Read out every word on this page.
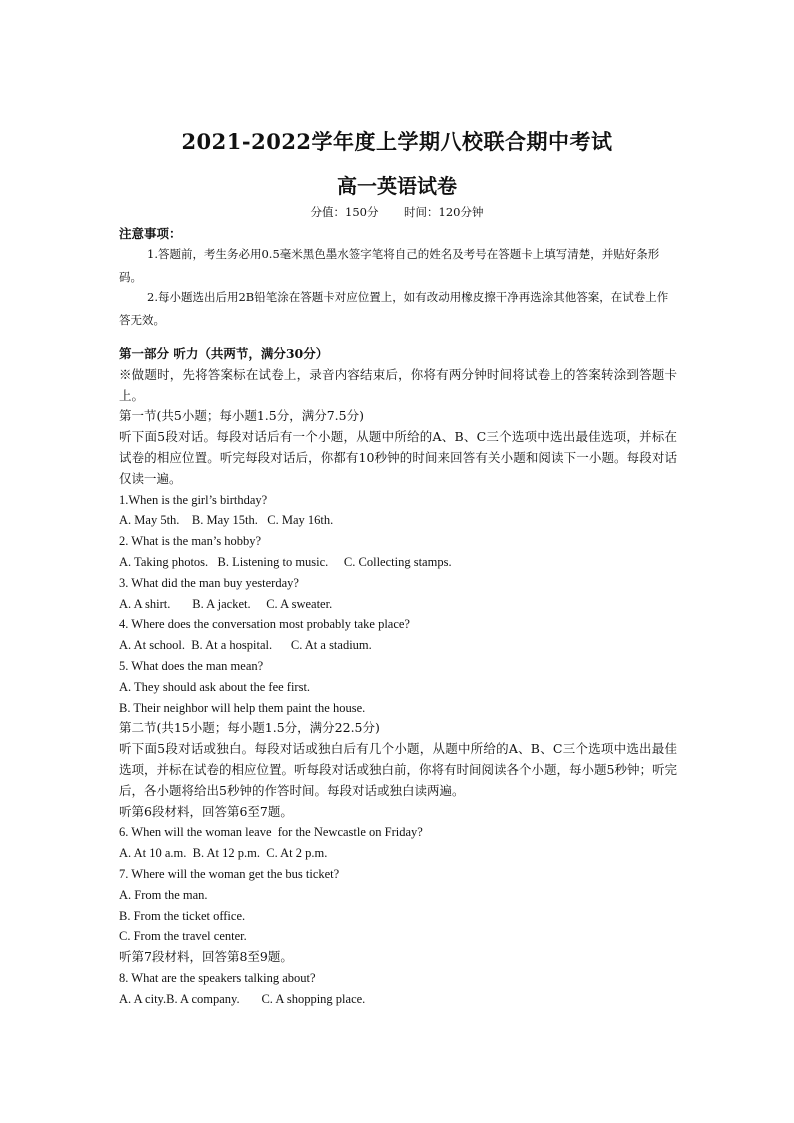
2021-2022学年度上学期八校联合期中考试
高一英语试卷
分值：150分       时间：120分钟
注意事项：
1.答题前，考生务必用0.5毫米黑色墨水签字笔将自己的姓名及考号在答题卡上填写清楚，并贴好条形码。
2.每小题选出后用2B铅笔涂在答题卡对应位置上，如有改动用橡皮擦干净再选涂其他答案，在试卷上作答无效。
第一部分 听力（共两节，满分30分）
※做题时，先将答案标在试卷上，录音内容结束后，你将有两分钟时间将试卷上的答案转涂到答题卡上。
第一节(共5小题；每小题1.5分，满分7.5分)
听下面5段对话。每段对话后有一个小题，从题中所给的A、B、C三个选项中选出最佳选项，并标在试卷的相应位置。听完每段对话后，你都有10秒钟的时间来回答有关小题和阅读下一小题。每段对话仅读一遍。
1.When is the girl’s birthday?
A. May 5th.    B. May 15th.   C. May 16th.
2. What is the man’s hobby?
A. Taking photos.   B. Listening to music.     C. Collecting stamps.
3. What did the man buy yesterday?
A. A shirt.       B. A jacket.     C. A sweater.
4. Where does the conversation most probably take place?
A. At school.  B. At a hospital.      C. At a stadium.
5. What does the man mean?
A. They should ask about the fee first.
B. Their neighbor will help them paint the house.
第二节(共15小题；每小题1.5分，满分22.5分)
听下面5段对话或独白。每段对话或独白后有几个小题，从题中所给的A、B、C三个选项中选出最佳选项，并标在试卷的相应位置。听每段对话或独白前，你将有时间阅读各个小题，每小题5秒钟；听完后，各小题将给出5秒钟的作答时间。每段对话或独白读两遍。
听第6段材料，回答第6至7题。
6. When will the woman leave  for the Newcastle on Friday?
A. At 10 a.m.  B. At 12 p.m.  C. At 2 p.m.
7. Where will the woman get the bus ticket?
A. From the man.
B. From the ticket office.
C. From the travel center.
听第7段材料，回答第8至9题。
8. What are the speakers talking about?
A. A city.B. A company.       C. A shopping place.
